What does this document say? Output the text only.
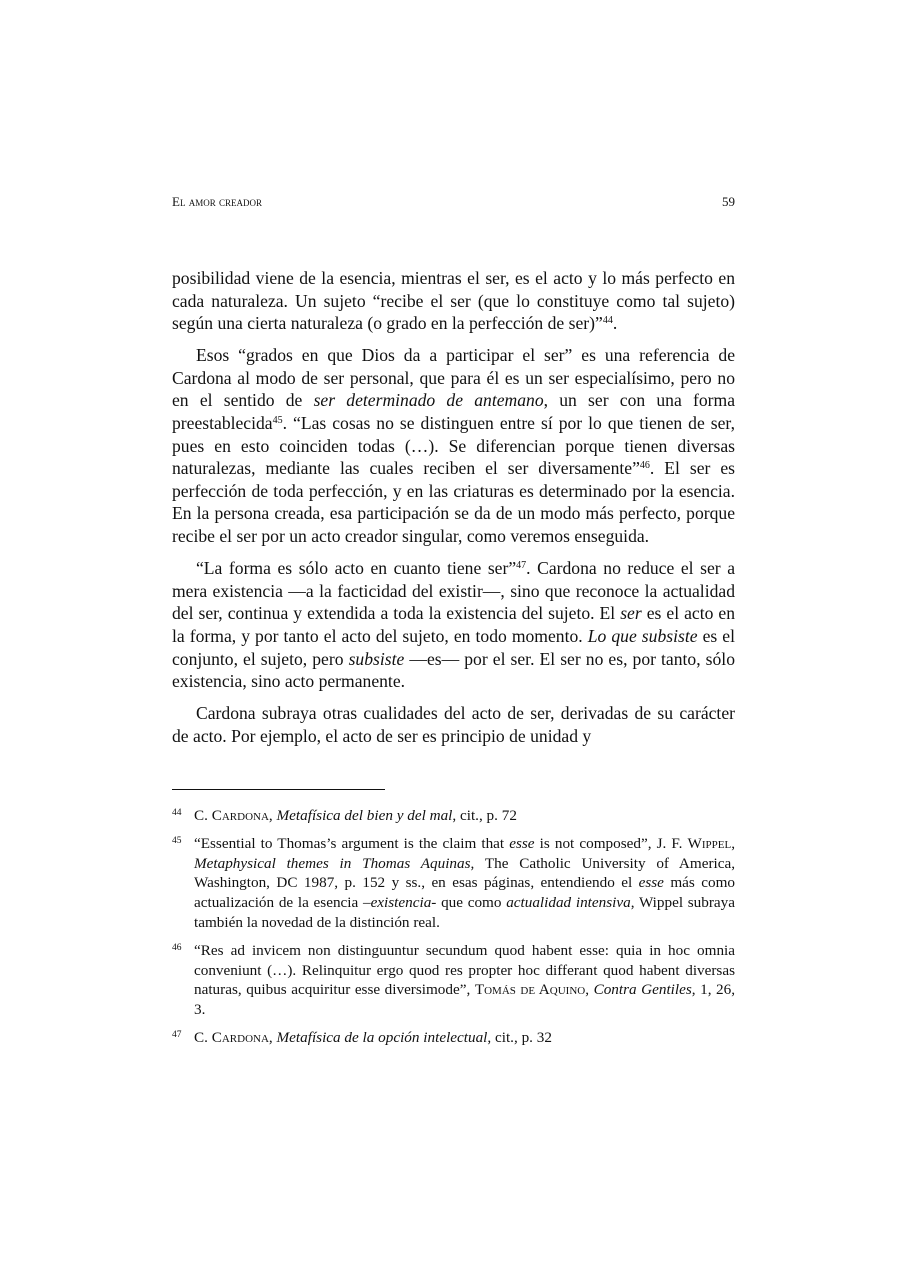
El amor creador	59

posibilidad viene de la esencia, mientras el ser, es el acto y lo más perfecto en cada naturaleza. Un sujeto “recibe el ser (que lo constituye como tal sujeto) según una cierta naturaleza (o grado en la perfección de ser)”$^{44}$.

Esos “grados en que Dios da a participar el ser” es una referencia de Cardona al modo de ser personal, que para él es un ser especialísimo, pero no en el sentido de ser determinado de antemano, un ser con una forma preestablecida$^{45}$. “Las cosas no se distinguen entre sí por lo que tienen de ser, pues en esto coinciden todas (…). Se diferencian porque tienen diversas naturalezas, mediante las cuales reciben el ser diversamente”$^{46}$. El ser es perfección de toda perfección, y en las criaturas es determinado por la esencia. En la persona creada, esa participación se da de un modo más perfecto, porque recibe el ser por un acto creador singular, como veremos enseguida.

“La forma es sólo acto en cuanto tiene ser”$^{47}$. Cardona no reduce el ser a mera existencia —a la facticidad del existir—, sino que reconoce la actualidad del ser, continua y extendida a toda la existencia del sujeto. El ser es el acto en la forma, y por tanto el acto del sujeto, en todo momento. Lo que subsiste es el conjunto, el sujeto, pero subsiste —es— por el ser. El ser no es, por tanto, sólo existencia, sino acto permanente.

Cardona subraya otras cualidades del acto de ser, derivadas de su carácter de acto. Por ejemplo, el acto de ser es principio de unidad y

44 C. Cardona, Metafísica del bien y del mal, cit., p. 72
45 “Essential to Thomas’s argument is the claim that esse is not composed”, J. F. Wippel, Metaphysical themes in Thomas Aquinas, The Catholic University of America, Washington, DC 1987, p. 152 y ss., en esas páginas, entendiendo el esse más como actualización de la esencia –existencia- que como actualidad intensiva, Wippel subraya también la novedad de la distinción real.
46 “Res ad invicem non distinguuntur secundum quod habent esse: quia in hoc omnia conveniunt (…). Relinquitur ergo quod res propter hoc differant quod habent diversas naturas, quibus acquiritur esse diversimode”, Tomás de Aquino, Contra Gentiles, 1, 26, 3.
47 C. Cardona, Metafísica de la opción intelectual, cit., p. 32
